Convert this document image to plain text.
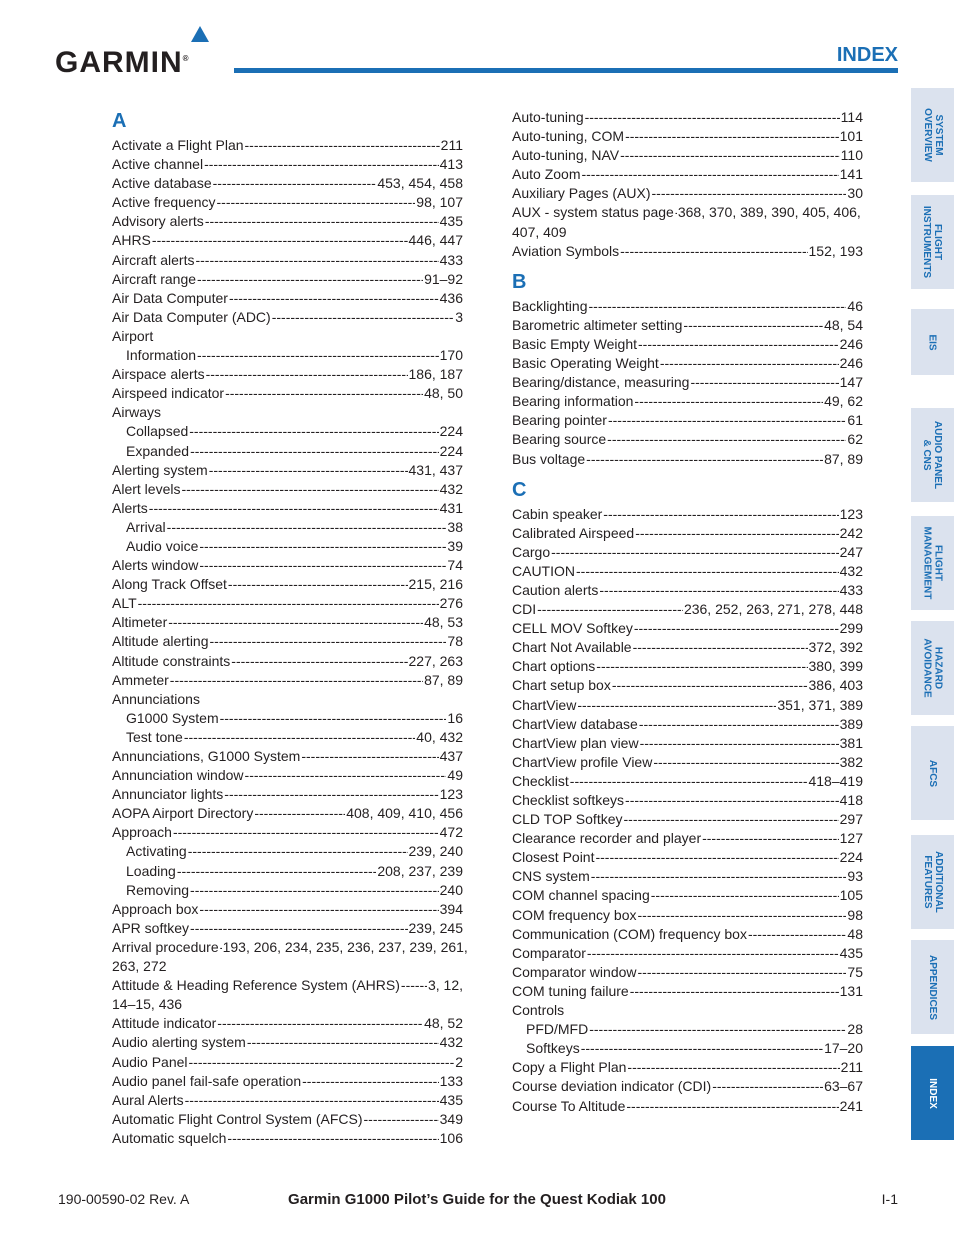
GARMIN®	INDEX
A
Activate a Flight Plan -----	211
Active channel -----	413
Active database -----	453, 454, 458
Active frequency -----	98, 107
Advisory alerts -----	435
AHRS -----	446, 447
Aircraft alerts -----	433
Aircraft range -----	91–92
Air Data Computer -----	436
Air Data Computer (ADC) -----	3
Airport
Information -----	170
Airspace alerts -----	186, 187
Airspeed indicator -----	48, 50
Airways
Collapsed -----	224
Expanded -----	224
Alerting system -----	431, 437
Alert levels -----	432
Alerts -----	431
Arrival -----	38
Audio voice -----	39
Alerts window -----	74
Along Track Offset -----	215, 216
ALT -----	276
Altimeter -----	48, 53
Altitude alerting -----	78
Altitude constraints -----	227, 263
Ammeter -----	87, 89
Annunciations
G1000 System -----	16
Test tone -----	40, 432
Annunciations, G1000 System -----	437
Annunciation window -----	49
Annunciator lights -----	123
AOPA Airport Directory -----	408, 409, 410, 456
Approach -----	472
Activating -----	239, 240
Loading -----	208, 237, 239
Removing -----	240
Approach box -----	394
APR softkey -----	239, 245
Arrival procedure ----- 193, 206, 234, 235, 236, 237, 239, 261,
263, 272
Attitude & Heading Reference System (AHRS) ----- 3, 12,
14–15, 436
Attitude indicator -----	48, 52
Audio alerting system -----	432
Audio Panel -----	2
Audio panel fail-safe operation -----	133
Aural Alerts -----	435
Automatic Flight Control System (AFCS) -----	349
Automatic squelch -----	106
Auto-tuning -----	114
Auto-tuning, COM -----	101
Auto-tuning, NAV -----	110
Auto Zoom -----	141
Auxiliary Pages (AUX) -----	30
AUX - system status page ----- 368, 370, 389, 390, 405, 406,
407, 409
Aviation Symbols -----	152, 193
B
Backlighting -----	46
Barometric altimeter setting -----	48, 54
Basic Empty Weight -----	246
Basic Operating Weight -----	246
Bearing/distance, measuring -----	147
Bearing information -----	49, 62
Bearing pointer -----	61
Bearing source -----	62
Bus voltage -----	87, 89
C
Cabin speaker -----	123
Calibrated Airspeed -----	242
Cargo -----	247
CAUTION -----	432
Caution alerts -----	433
CDI -----	236, 252, 263, 271, 278, 448
CELL MOV Softkey -----	299
Chart Not Available -----	372, 392
Chart options -----	380, 399
Chart setup box -----	386, 403
ChartView -----	351, 371, 389
ChartView database -----	389
ChartView plan view -----	381
ChartView profile View -----	382
Checklist -----	418–419
Checklist softkeys -----	418
CLD TOP Softkey -----	297
Clearance recorder and player -----	127
Closest Point -----	224
CNS system -----	93
COM channel spacing -----	105
COM frequency box -----	98
Communication (COM) frequency box -----	48
Comparator -----	435
Comparator window -----	75
COM tuning failure -----	131
Controls
PFD/MFD -----	28
Softkeys -----	17–20
Copy a Flight Plan -----	211
Course deviation indicator (CDI) -----	63–67
Course To Altitude -----	241
SYSTEM
OVERVIEW
FLIGHT
INSTRUMENTS
EIS
AUDIO PANEL
& CNS
FLIGHT
MANAGEMENT
HAZARD
AVOIDANCE
AFCS
ADDITIONAL
FEATURES
APPENDICES
INDEX
190-00590-02 Rev. A	Garmin G1000 Pilot’s Guide for the Quest Kodiak 100	I-1
